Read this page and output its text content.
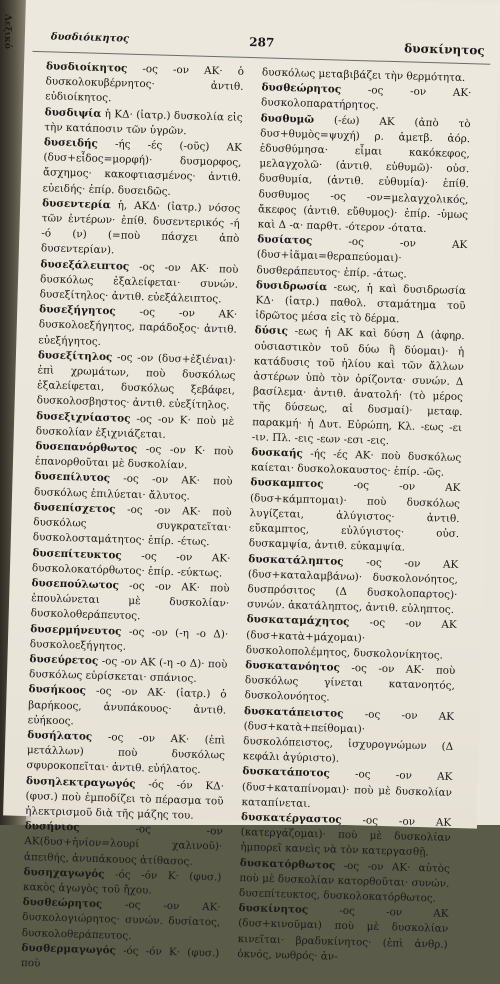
Λεξικό	δυσδιόικητος	287	δυσκίνητος
δυσδιοίκητος -ος -ον ΑΚ· ὁ δυσκολοκυβέρνητος· ἀντιθ. εὐδιοίκητος.
δυσδιψία ἡ ΚΔ· (ἰατρ.) δυσκολία εἰς τὴν κατάποσιν τῶν ὑγρῶν.
δυσειδής -ής -ές (-οῦς) ΑΚ (δυσ+εἶδος=μορφή)· δυσμορφος, ἄσχημος· κακοφτιασμένος· ἀντιθ. εὐειδής· ἐπίρ. δυσειδῶς.
δυσεντερία ἡ, ΑΚΔ· (ἰατρ.) νόσος τῶν ἐντέρων· ἐπίθ. δυσεντερικός -ή -ό (ν) (=ποὺ πάσχει ἀπὸ δυσεντερίαν).
δυσεξάλειπτος -ος -ον ΑΚ· ποὺ δυσκόλως ἐξαλείφεται· συνών. δυσεξίτηλος· ἀντιθ. εὐεξάλειπτος.
δυσεξήγητος -ος -ον ΑΚ· δυσκολοεξήγητος, παράδοξος· ἀντιθ. εὐεξήγητος.
δυσεξίτηλος -ος -ον (δυσ+ἐξιέναι)· ἐπὶ χρωμάτων, ποὺ δυσκόλως ἐξαλείφεται, δυσκόλως ξεβάφει, δυσκολοσβηστος· ἀντιθ. εὐεξίτηλος.
δυσεξιχνίαστος -ος -ον Κ· ποὺ μὲ δυσκολίαν ἐξιχνιάζεται.
δυσεπανόρθωτος -ος -ον Κ· ποὺ ἐπανορθοῦται μὲ δυσκολίαν.
δυσεπίλυτος -ος -ον ΑΚ· ποὺ δυσκόλως ἐπιλύεται· ἄλυτος.
δυσεπίσχετος -ος -ον ΑΚ· ποὺ δυσκόλως συγκρατεῖται· δυσκολοσταμάτητος· ἐπίρ. -έτως.
δυσεπίτευκτος -ος -ον ΑΚ· δυσκολοκατόρθωτος· ἐπίρ. -εύκτως.
δυσεπούλωτος -ος -ον ΑΚ· ποὺ ἐπουλώνεται μὲ δυσκολίαν· δυσκολοθεράπευτος.
δυσερμήνευτος -ος -ον (-η -ο Δ)· δυσκολοεξήγητος.
δυσεύρετος -ος -ον ΑΚ (-η -ο Δ)· ποὺ δυσκόλως εὑρίσκεται· σπάνιος.
δυσήκοος -ος -ον ΑΚ· (ἰατρ.) ὁ βαρήκοος, ἀνυπάκουος· ἀντιθ. εὐήκοος.
δυσήλατος -ος -ον ΑΚ· (ἐπὶ μετάλλων) ποὺ δυσκόλως σφυροκοπεῖται· ἀντιθ. εὐήλατος.
δυσηλεκτραγωγός -ός -όν ΚΔ· (φυσ.) ποὺ ἐμποδίζει τὸ πέρασμα τοῦ ἠλεκτρισμοῦ διὰ τῆς μάζης του.
δυσήνιος -ος -ον ΑΚ(δυσ+ἡνίον=λουρί χαλινοῦ)· ἀπειθής, ἀνυπάκουος ἀτίθασος.
δυσηχαγωγός -ός -όν Κ· (φυσ.) κακὸς ἀγωγὸς τοῦ ἤχου.
δυσθεώρητος -ος -ον ΑΚ· δυσκολογιώρητος· συνών. δυσίατος, δυσκολοθεράπευτος.
δυσθερμαγωγός -ός -όν Κ· (φυσ.) ποὺ
δυσκόλως μεταβιβάζει τὴν θερμότητα.
δυσθεώρητος -ος -ον ΑΚ· δυσκολοπαρατήρητος.
δυσθυμῶ (-έω) ΑΚ (ἀπὸ τὸ δυσ+θυμὸς=ψυχή) ρ. ἀμετβ. ἀόρ. ἐδυσθύμησα· εἶμαι κακόκεφος, μελαγχολῶ· (ἀντιθ. εὐθυμῶ)· οὐσ. δυσθυμία, (ἀντιθ. εὐθυμία)· ἐπίθ. δυσθυμος -ος -ον=μελαγχολικός, ἄκεφος (ἀντιθ. εὔθυμος)· ἐπίρ. -ὑμως καὶ Δ -α· παρθτ. -ότερον -ότατα.
δυσίατος -ος -ον ΑΚ (δυσ+ἰᾶμαι=θεραπεύομαι)· δυσθεράπευτος· ἐπίρ. -άτως.
δυσιδρωσία -εως, ἡ καὶ δυσιδρωσία ΚΔ· (ἰατρ.) παθολ. σταμάτημα τοῦ ἱδρῶτος μέσα εἰς τὸ δέρμα.
δύσις -εως ἡ ΑΚ καὶ δύση Δ (ἀφηρ. οὐσιαστικὸν τοῦ δύω ἢ δύομαι)· ἡ κατάδυσις τοῦ ἡλίου καὶ τῶν ἄλλων ἀστέρων ὑπὸ τὸν ὁρίζοντα· συνών. Δ βασίλεμα· ἀντιθ. ἀνατολή· (τὸ μέρος τῆς δύσεως, αἱ δυσμαί)· μεταφ. παρακμή· ἡ Δυτ. Εὐρώπη, Κλ. -εως -ει -ιν. Πλ. -εις -εων -εσι -εις.
δυσκαής -ής -ές ΑΚ· ποὺ δυσκόλως καίεται· δυσκολοκαυστος· ἐπίρ. -ῶς.
δυσκαμπτος -ος -ον ΑΚ (δυσ+κάμπτομαι)· ποὺ δυσκόλως λυγίζεται, ἀλύγιστος· ἀντιθ. εὔκαμπτος, εὐλύγιστος· οὐσ. δυσκαμψία, ἀντιθ. εὐκαμψία.
δυσκατάληπτος -ος -ον ΑΚ (δυσ+καταλαμβάνω)· δυσκολονόητος, δυσπρόσιτος (Δ δυσκολοπαρτος)· συνών. ἀκατάληπτος, ἀντιθ. εὐληπτος.
δυσκαταμάχητος -ος -ον ΑΚ (δυσ+κατὰ+μάχομαι)· δυσκολοπολέμητος, δυσκολονίκητος.
δυσκατανόητος -ος -ον ΑΚ· ποὺ δυσκόλως γίνεται κατανοητός, δυσκολονόητος.
δυσκατάπειστος -ος -ον ΑΚ (δυσ+κατὰ+πείθομαι)· δυσκολόπειστος, ἰσχυρογνώμων (Δ κεφάλι ἀγύριστο).
δυσκατάποτος -ος -ον ΑΚ (δυσ+καταπίνομαι)· ποὺ μὲ δυσκολίαν καταπίνεται.
δυσκατέργαστος -ος -ον ΑΚ (κατεργάζομαι)· ποὺ μὲ δυσκολίαν ἠμπορεῖ κανεὶς νὰ τὸν κατεργασθῇ.
δυσκατόρθωτος -ος -ον ΑΚ· αὐτὸς ποὺ μὲ δυσκολίαν κατορθοῦται· συνών. δυσεπίτευκτος, δυσκολοκατόρθωτος.
δυσκίνητος -ος -ον ΑΚ (δυσ+κινοῦμαι) ποὺ μὲ δυσκολίαν κινεῖται· βραδυκίνητος· (ἐπὶ ἀνθρ.) ὀκνός, νωθρός· ἀν-
